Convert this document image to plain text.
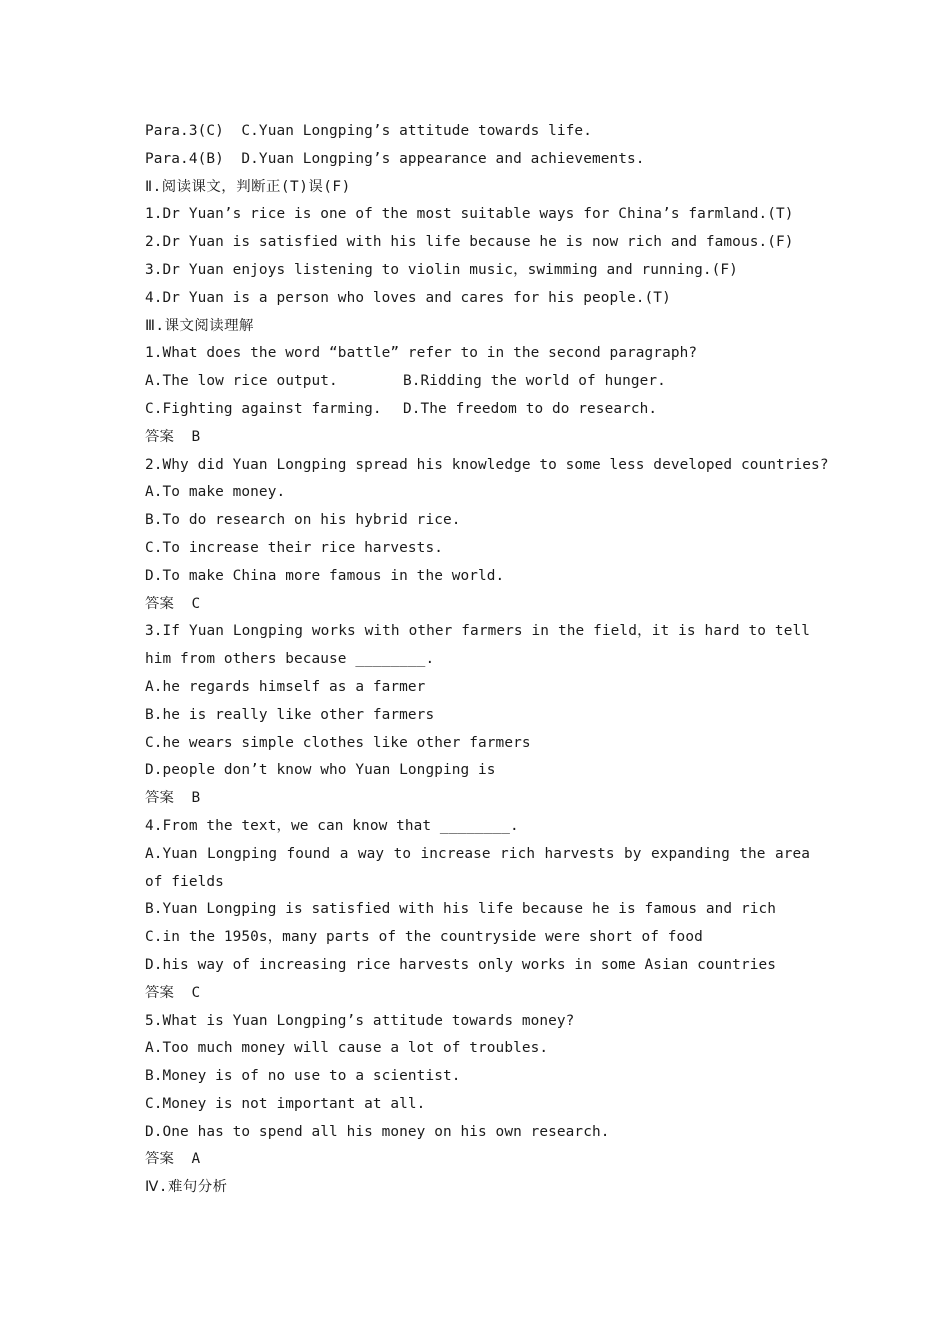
Para.3(C)  C.Yuan Longping’s attitude towards life.
Para.4(B)  D.Yuan Longping’s appearance and achievements.
Ⅱ.阅读课文，判断正(T)误(F)
1.Dr Yuan’s rice is one of the most suitable ways for China’s farmland.(T)
2.Dr Yuan is satisfied with his life because he is now rich and famous.(F)
3.Dr Yuan enjoys listening to violin music，swimming and running.(F)
4.Dr Yuan is a person who loves and cares for his people.(T)
Ⅲ.课文阅读理解
1.What does the word “battle” refer to in the second paragraph?
A.The low rice output.	B.Ridding the world of hunger.
C.Fighting against farming.	D.The freedom to do research.
答案  B
2.Why did Yuan Longping spread his knowledge to some less developed countries?
A.To make money.
B.To do research on his hybrid rice.
C.To increase their rice harvests.
D.To make China more famous in the world.
答案  C
3.If Yuan Longping works with other farmers in the field，it is hard to tell him from others because ________.
A.he regards himself as a farmer
B.he is really like other farmers
C.he wears simple clothes like other farmers
D.people don’t know who Yuan Longping is
答案  B
4.From the text，we can know that ________.
A.Yuan Longping found a way to increase rich harvests by expanding the area of fields
B.Yuan Longping is satisfied with his life because he is famous and rich
C.in the 1950s，many parts of the countryside were short of food
D.his way of increasing rice harvests only works in some Asian countries
答案  C
5.What is Yuan Longping’s attitude towards money?
A.Too much money will cause a lot of troubles.
B.Money is of no use to a scientist.
C.Money is not important at all.
D.One has to spend all his money on his own research.
答案  A
Ⅳ.难句分析
